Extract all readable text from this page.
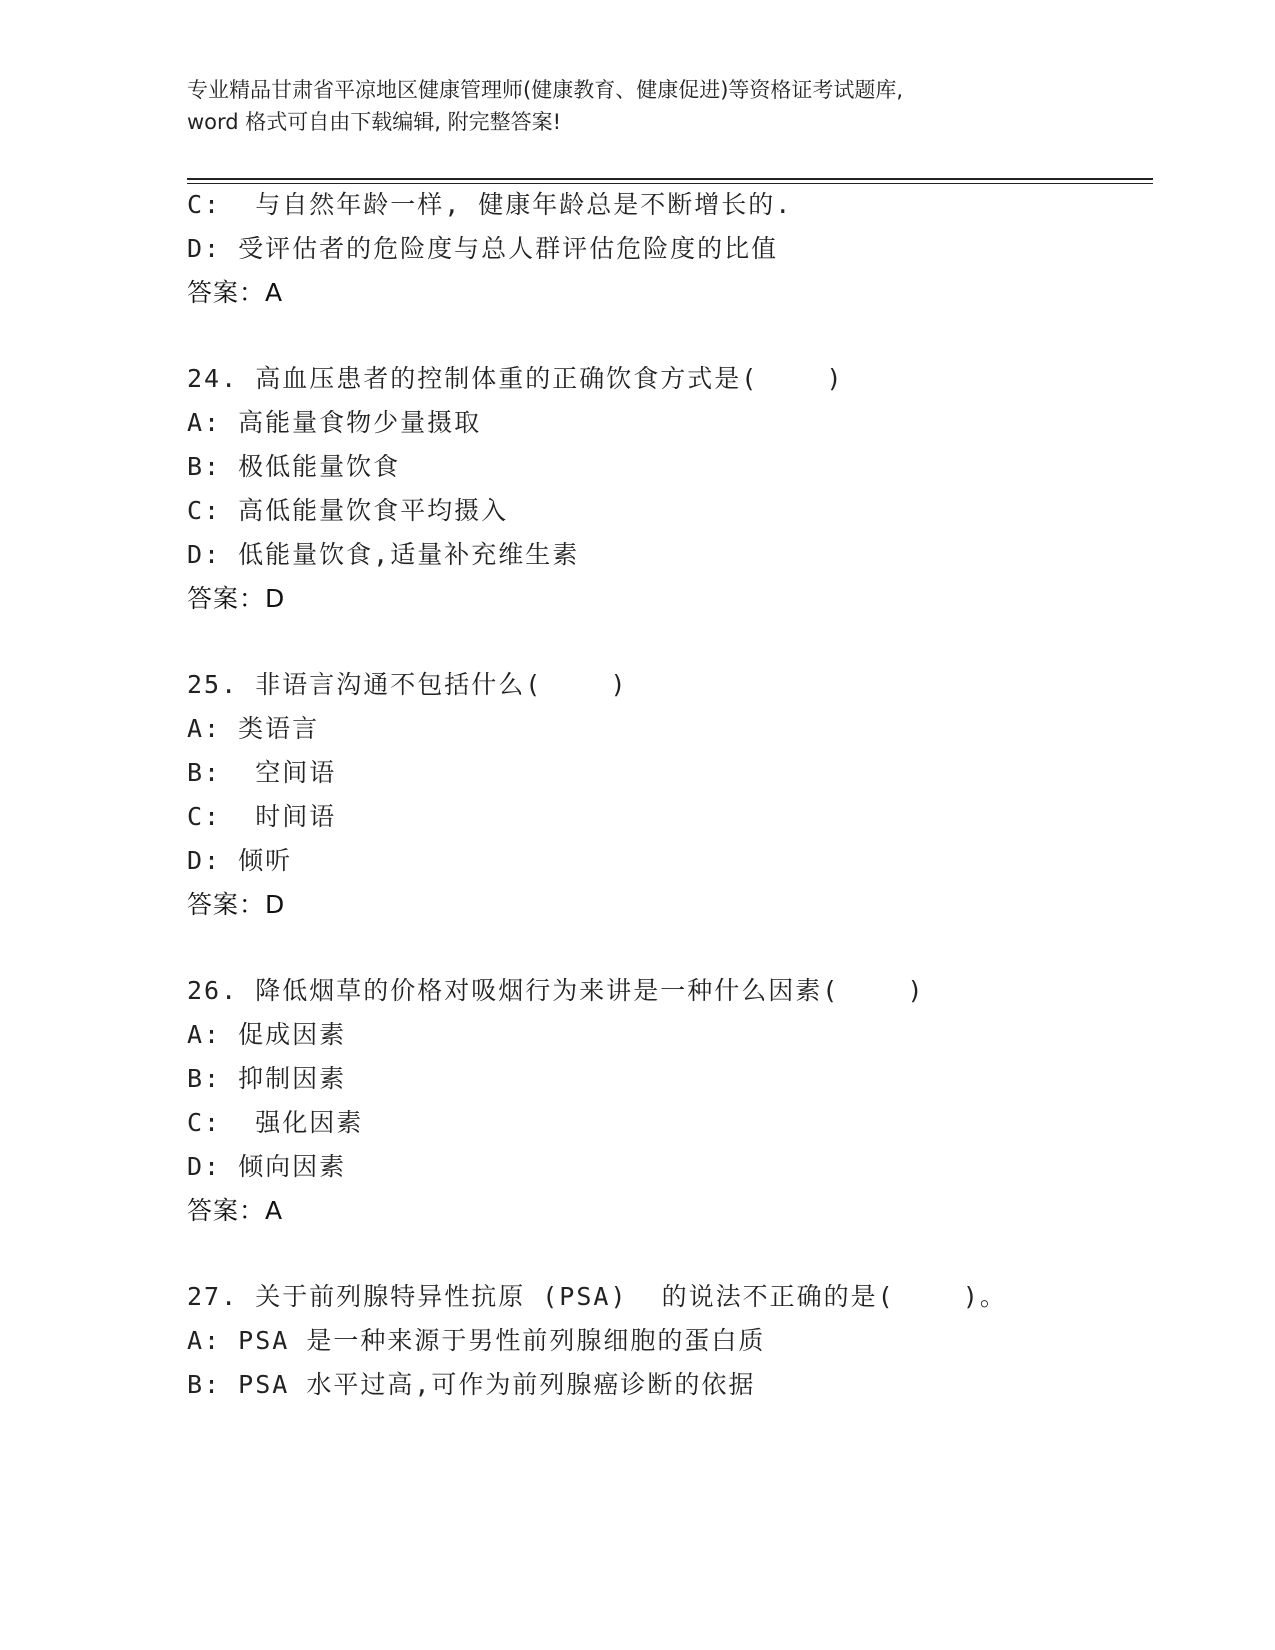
专业精品甘肃省平凉地区健康管理师(健康教育、健康促进)等资格证考试题库,
word 格式可自由下载编辑, 附完整答案!
C:  与自然年龄一样, 健康年龄总是不断增长的.
D: 受评估者的危险度与总人群评估危险度的比值
答案：A
24. 高血压患者的控制体重的正确饮食方式是(    )
A: 高能量食物少量摄取
B: 极低能量饮食
C: 高低能量饮食平均摄入
D: 低能量饮食,适量补充维生素
答案：D
25. 非语言沟通不包括什么(    )
A: 类语言
B:  空间语
C:  时间语
D: 倾听
答案：D
26. 降低烟草的价格对吸烟行为来讲是一种什么因素(    )
A: 促成因素
B: 抑制因素
C:  强化因素
D: 倾向因素
答案：A
27. 关于前列腺特异性抗原 (PSA)  的说法不正确的是(    )。
A: PSA 是一种来源于男性前列腺细胞的蛋白质
B: PSA 水平过高,可作为前列腺癌诊断的依据
